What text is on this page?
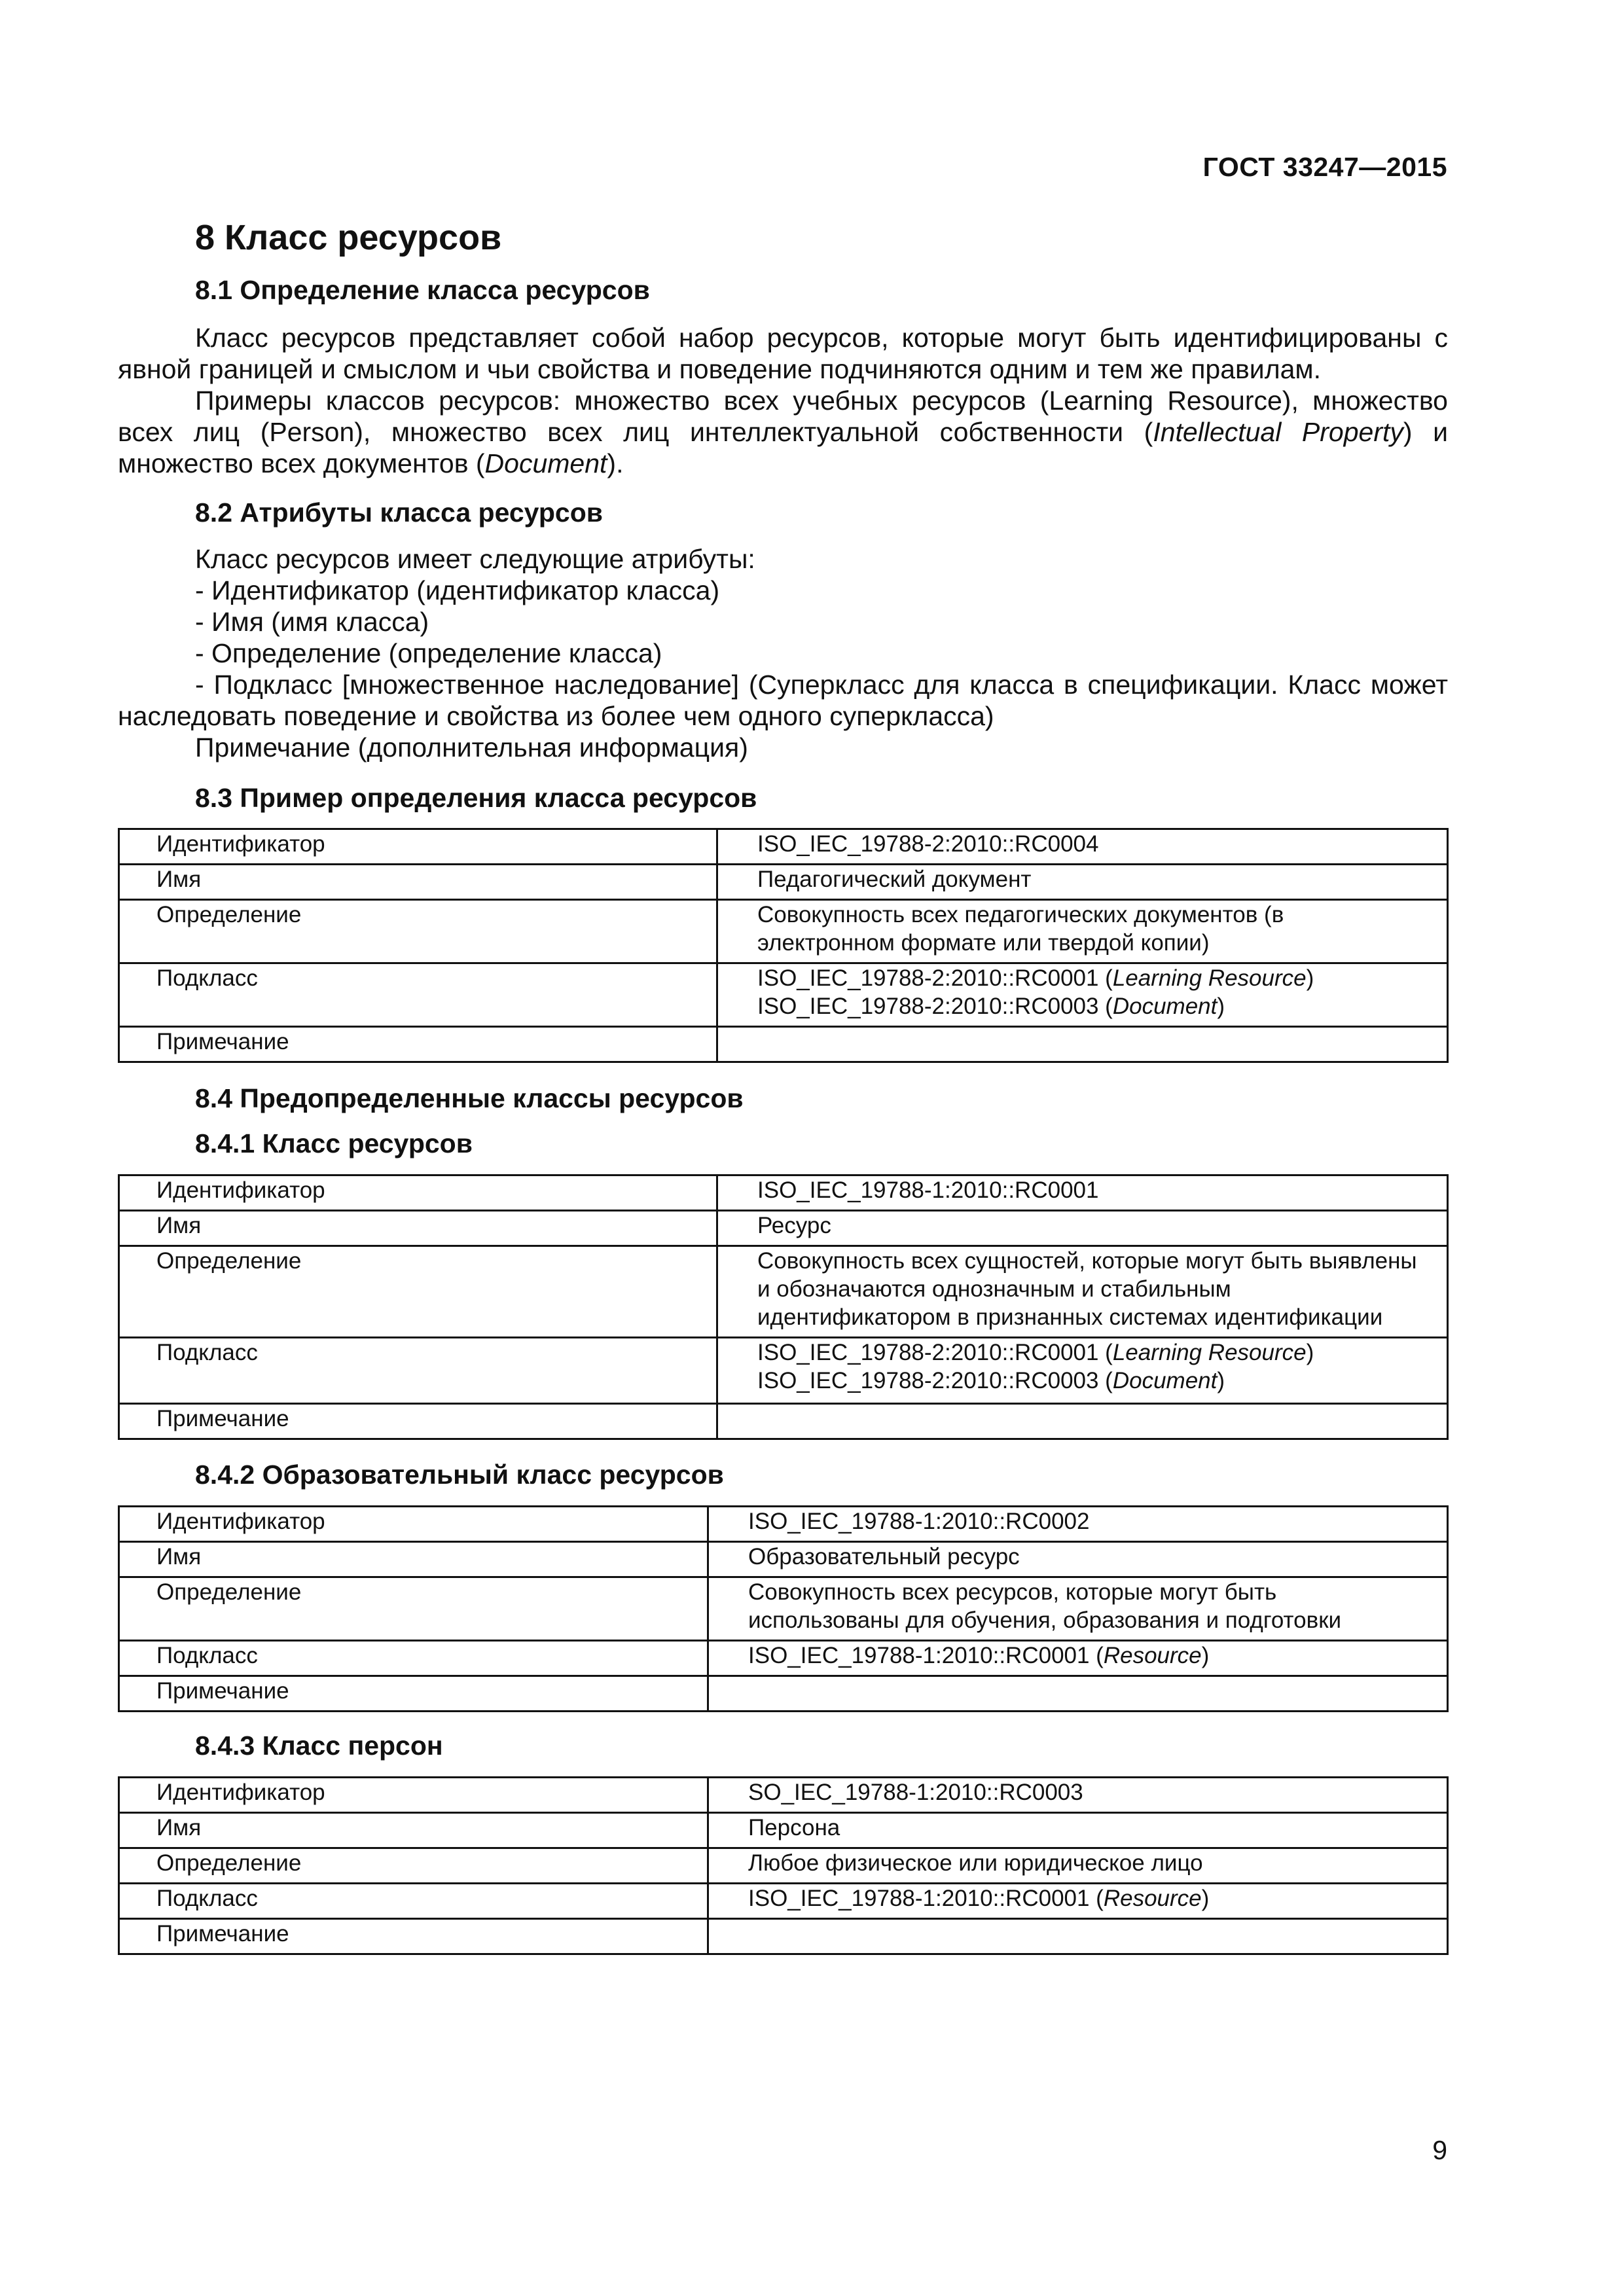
ГОСТ 33247—2015
8 Класс ресурсов
8.1 Определение класса ресурсов
Класс ресурсов представляет собой набор ресурсов, которые могут быть идентифицированы с явной границей и смыслом и чьи свойства и поведение подчиняются одним и тем же правилам.
Примеры классов ресурсов: множество всех учебных ресурсов (Learning Resource), множество всех лиц (Person), множество всех лиц интеллектуальной собственности (Intellectual Property) и множество всех документов (Document).
8.2 Атрибуты класса ресурсов
Класс ресурсов имеет следующие атрибуты:
- Идентификатор (идентификатор класса)
- Имя (имя класса)
- Определение (определение класса)
- Подкласс [множественное наследование] (Суперкласс для класса в спецификации. Класс может наследовать поведение и свойства из более чем одного суперкласса)
Примечание (дополнительная информация)
8.3 Пример определения класса ресурсов
Идентификатор	ISO_IEC_19788-2:2010::RC0004
Имя	Педагогический документ
Определение	Совокупность всех педагогических документов (в электронном формате или твердой копии)
Подкласс	ISO_IEC_19788-2:2010::RC0001 (Learning Resource)
ISO_IEC_19788-2:2010::RC0003 (Document)
Примечание	
8.4 Предопределенные классы ресурсов
8.4.1 Класс ресурсов
Идентификатор	ISO_IEC_19788-1:2010::RC0001
Имя	Ресурс
Определение	Совокупность всех сущностей, которые могут быть выявлены и обозначаются однозначным и стабильным идентификатором в признанных системах идентификации
Подкласс	ISO_IEC_19788-2:2010::RC0001 (Learning Resource)
ISO_IEC_19788-2:2010::RC0003 (Document)
Примечание	
8.4.2 Образовательный класс ресурсов
Идентификатор	ISO_IEC_19788-1:2010::RC0002
Имя	Образовательный ресурс
Определение	Совокупность всех ресурсов, которые могут быть использованы для обучения, образования и подготовки
Подкласс	ISO_IEC_19788-1:2010::RC0001 (Resource)
Примечание	
8.4.3 Класс персон
Идентификатор	SO_IEC_19788-1:2010::RC0003
Имя	Персона
Определение	Любое физическое или юридическое лицо
Подкласс	ISO_IEC_19788-1:2010::RC0001 (Resource)
Примечание	
9
